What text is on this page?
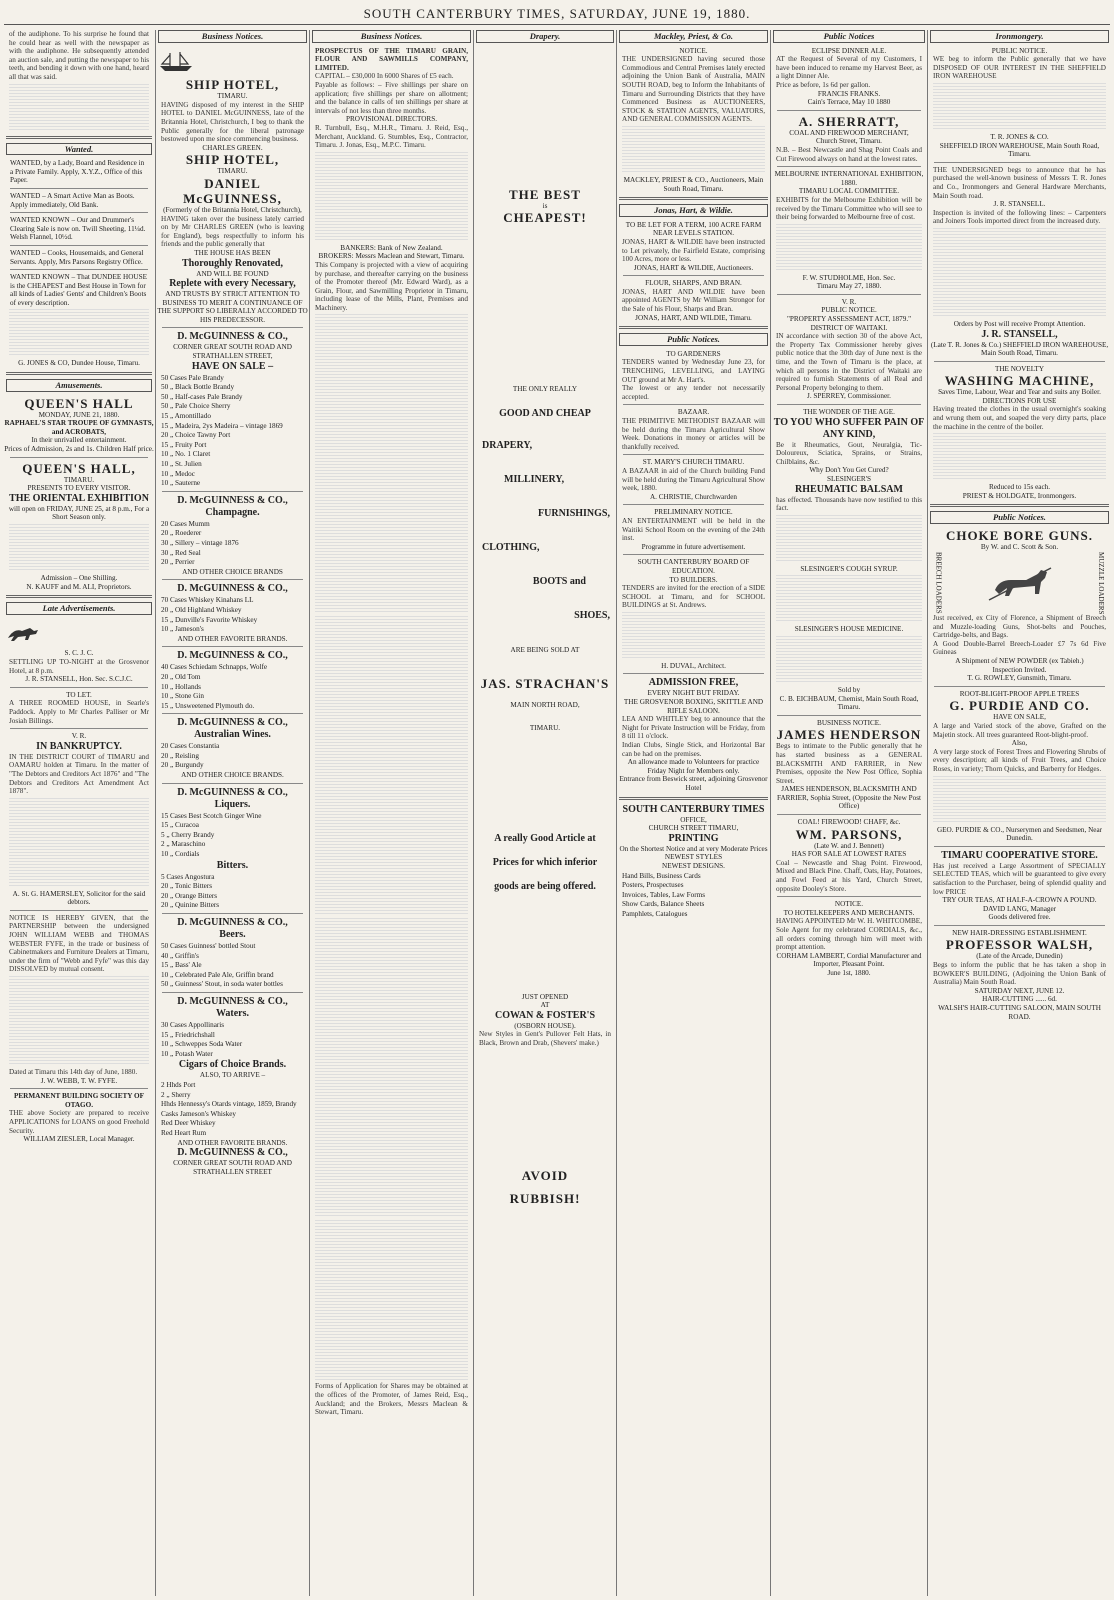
SOUTH CANTERBURY TIMES, SATURDAY, JUNE 19, 1880.

of the audiphone. To his surprise he found that he could hear as well with the newspaper as with the audiphone. He subsequently attended an auction sale, and putting the newspaper to his teeth, and bending it down with one hand, heard all that was said.

Wanted.

WANTED, by a Lady, Board and Residence in a Private Family. Apply, X.Y.Z., Office of this Paper.

WANTED – A Smart Active Man as Boots. Apply immediately, Old Bank.

WANTED KNOWN – Our and Drummer's Clearing Sale is now on. Twill Sheeting, 11¼d. Welsh Flannel, 10½d.

WANTED – Cooks, Housemaids, and General Servants. Apply, Mrs Parsons Registry Office.

WANTED KNOWN – That DUNDEE HOUSE is the CHEAPEST and Best House in Town for all kinds of Ladies' Gents' and Children's Boots of every description.

G. JONES & CO, Dundee House, Timaru.
Amusements.
QUEEN'S HALL
MONDAY, JUNE 21, 1880.
RAPHAEL'S STAR TROUPE OF GYMNASTS, and ACROBATS,
In their unrivalled entertainment.
Prices of Admission, 2s and 1s. Children Half price.
QUEEN'S HALL,
TIMARU.
PRESENTS TO EVERY VISITOR.
THE ORIENTAL EXHIBITION
will open on FRIDAY, JUNE 25, at 8 p.m., For a Short Season only.
Admission – One Shilling.
N. KAUFF and M. ALI, Proprietors.
Late Advertisements.
S. C. J. C.

SETTLING UP TO-NIGHT at the Grosvenor Hotel, at 8 p.m.

J. R. STANSELL, Hon. Sec. S.C.J.C.
TO LET.

A THREE ROOMED HOUSE, in Searle's Paddock. Apply to Mr Charles Palliser or Mr Josiah Billings.

V. R.
IN BANKRUPTCY.

IN THE DISTRICT COURT of TIMARU and OAMARU holden at Timaru. In the matter of "The Debtors and Creditors Act 1876" and "The Debtors and Creditors Act Amendment Act 1878".

A. St. G. HAMERSLEY, Solicitor for the said debtors.

NOTICE IS HEREBY GIVEN, that the PARTNERSHIP between the undersigned JOHN WILLIAM WEBB and THOMAS WEBSTER FYFE, in the trade or business of Cabinetmakers and Furniture Dealers at Timaru, under the firm of "Webb and Fyfe" was this day DISSOLVED by mutual consent.

Dated at Timaru this 14th day of June, 1880.

J. W. WEBB, T. W. FYFE.
PERMANENT BUILDING SOCIETY OF OTAGO.

THE above Society are prepared to receive APPLICATIONS for LOANS on good Freehold Security.

WILLIAM ZIESLER, Local Manager.
Business Notices.
SHIP HOTEL,
TIMARU.

HAVING disposed of my interest in the SHIP HOTEL to DANIEL McGUINNESS, late of the Britannia Hotel, Christchurch, I beg to thank the Public generally for the liberal patronage bestowed upon me since commencing business.

CHARLES GREEN.
SHIP HOTEL,
TIMARU.
DANIEL McGUINNESS,
(Formerly of the Britannia Hotel, Christchurch),

HAVING taken over the business lately carried on by Mr CHARLES GREEN (who is leaving for England), begs respectfully to inform his friends and the public generally that

THE HOUSE HAS BEEN
Thoroughly Renovated,
AND WILL BE FOUND
Replete with every Necessary,
AND TRUSTS BY STRICT ATTENTION TO BUSINESS TO MERIT A CONTINUANCE OF THE SUPPORT SO LIBERALLY ACCORDED TO HIS PREDECESSOR.
D. McGUINNESS & CO.,
CORNER GREAT SOUTH ROAD AND STRATHALLEN STREET,
HAVE ON SALE –
50 Cases Pale Brandy
50 „ Black Bottle Brandy
50 „ Half-cases Pale Brandy
50 „ Pale Choice Sherry
15 „ Amontillado
15 „ Madeira, 2ys Madeira – vintage 1869
20 „ Choice Tawny Port
15 „ Fruity Port
10 „ No. 1 Claret
10 „ St. Julien
10 „ Medoc
10 „ Sauterne
D. McGUINNESS & CO.,
Champagne.
20 Cases Mumm
20 „ Roederer
30 „ Sillery – vintage 1876
30 „ Red Seal
20 „ Perrier
AND OTHER CHOICE BRANDS
D. McGUINNESS & CO.,
70 Cases Whiskey Kinahans LL
20 „ Old Highland Whiskey
15 „ Dunville's Favorite Whiskey
10 „ Jameson's
AND OTHER FAVORITE BRANDS.
D. McGUINNESS & CO.,
40 Cases Schiedam Schnapps, Wolfe
20 „ Old Tom
10 „ Hollands
10 „ Stone Gin
15 „ Unsweetened Plymouth do.
D. McGUINNESS & CO.,
Australian Wines.
20 Cases Constantia
20 „ Reisling
20 „ Burgundy
AND OTHER CHOICE BRANDS.
D. McGUINNESS & CO.,
Liquers.
15 Cases Best Scotch Ginger Wine
15 „ Curacoa
5 „ Cherry Brandy
2 „ Maraschino
10 „ Cordials
Bitters.
5 Cases Angostura
20 „ Tonic Bitters
20 „ Orange Bitters
20 „ Quinine Bitters
D. McGUINNESS & CO.,
Beers.
50 Cases Guinness' bottled Stout
40 „ Griffin's
15 „ Bass' Ale
10 „ Celebrated Pale Ale, Griffin brand
50 „ Guinness' Stout, in soda water bottles
D. McGUINNESS & CO.,
Waters.
30 Cases Appollinaris
15 „ Friedrichshall
10 „ Schweppes Soda Water
10 „ Potash Water
Cigars of Choice Brands.
ALSO, TO ARRIVE –
2 Hhds Port
2 „ Sherry
Hhds Hennessy's Otards vintage, 1859, Brandy
Casks Jameson's Whiskey
Red Deer Whiskey
Red Heart Rum
AND OTHER FAVORITE BRANDS.
D. McGUINNESS & CO.,
CORNER GREAT SOUTH ROAD AND STRATHALLEN STREET
Business Notices.

PROSPECTUS OF THE TIMARU GRAIN, FLOUR AND SAWMILLS COMPANY, LIMITED.

CAPITAL – £30,000 In 6000 Shares of £5 each.

Payable as follows: – Five shillings per share on application; five shillings per share on allotment; and the balance in calls of ten shillings per share at intervals of not less than three months.

PROVISIONAL DIRECTORS.

R. Turnbull, Esq., M.H.R., Timaru. J. Reid, Esq., Merchant, Auckland. G. Stumbles, Esq., Contractor, Timaru. J. Jonas, Esq., M.P.C. Timaru.

BANKERS: Bank of New Zealand.
BROKERS: Messrs Maclean and Stewart, Timaru.

This Company is projected with a view of acquiring by purchase, and thereafter carrying on the business of the Promoter thereof (Mr. Edward Ward), as a Grain, Flour, and Sawmilling Proprietor in Timaru, including lease of the Mills, Plant, Premises and Machinery.

Forms of Application for Shares may be obtained at the offices of the Promoter, of James Reid, Esq., Auckland; and the Brokers, Messrs Maclean & Stewart, Timaru.

Drapery.
THE BEST
is
CHEAPEST!
THE ONLY REALLY
GOOD AND CHEAP
DRAPERY,
MILLINERY,
FURNISHINGS,
CLOTHING,
BOOTS and
SHOES,
ARE BEING SOLD AT
JAS. STRACHAN'S
MAIN NORTH ROAD,
TIMARU.
A really Good Article at
Prices for which inferior
goods are being offered.
JUST OPENED
AT
COWAN & FOSTER'S
(OSBORN HOUSE).

New Styles in Gent's Pullover Felt Hats, in Black, Brown and Drab, (Shevers' make.)

AVOID
RUBBISH!
Mackley, Priest, & Co.
NOTICE.

THE UNDERSIGNED having secured those Commodious and Central Premises lately erected adjoining the Union Bank of Australia, MAIN SOUTH ROAD, beg to Inform the Inhabitants of Timaru and Surrounding Districts that they have Commenced Business as AUCTIONEERS, STOCK & STATION AGENTS, VALUATORS, AND GENERAL COMMISSION AGENTS.

MACKLEY, PRIEST & CO., Auctioneers, Main South Road, Timaru.
Jonas, Hart, & Wildie.
TO BE LET FOR A TERM, 100 ACRE FARM NEAR LEVELS STATION.

JONAS, HART & WILDIE have been instructed to Let privately, the Fairfield Estate, comprising 100 Acres, more or less.

JONAS, HART & WILDIE, Auctioneers.
FLOUR, SHARPS, AND BRAN.

JONAS, HART AND WILDIE have been appointed AGENTS by Mr William Strongor for the Sale of his Flour, Sharps and Bran.

JONAS, HART, AND WILDIE, Timaru.
Public Notices.
TO GARDENERS

TENDERS wanted by Wednesday June 23, for TRENCHING, LEVELLING, and LAYING OUT ground at Mr A. Hart's.

The lowest or any tender not necessarily accepted.

BAZAAR.

THE PRIMITIVE METHODIST BAZAAR will be held during the Timaru Agricultural Show Week. Donations in money or articles will be thankfully received.

ST. MARY'S CHURCH TIMARU.

A BAZAAR in aid of the Church building Fund will be held during the Timaru Agricultural Show week, 1880.

A. CHRISTIE, Churchwarden
PRELIMINARY NOTICE.

AN ENTERTAINMENT will be held in the Waitiki School Room on the evening of the 24th inst.

Programme in future advertisement.
SOUTH CANTERBURY BOARD OF EDUCATION.
TO BUILDERS.

TENDERS are invited for the erection of a SIDE SCHOOL at Timaru, and for SCHOOL BUILDINGS at St. Andrews.

H. DUVAL, Architect.
ADMISSION FREE,
EVERY NIGHT BUT FRIDAY.
THE GROSVENOR BOXING, SKITTLE AND RIFLE SALOON.

LEA AND WHITLEY beg to announce that the Night for Private Instruction will be Friday, from 8 till 11 o'clock.

Indian Clubs, Single Stick, and Horizontal Bar can be had on the premises.

An allowance made to Volunteers for practice
Friday Night for Members only.
Entrance from Beswick street, adjoining Grosvenor Hotel
SOUTH CANTERBURY TIMES
OFFICE,
CHURCH STREET TIMARU,
PRINTING
On the Shortest Notice and at very Moderate Prices
NEWEST STYLES
NEWEST DESIGNS.
Hand Bills, Business Cards
Posters, Prospectuses
Invoices, Tables, Law Forms
Show Cards, Balance Sheets
Pamphlets, Catalogues
Public Notices
ECLIPSE DINNER ALE.

AT the Request of Several of my Customers, I have been induced to rename my Harvest Beer, as a light Dinner Ale.

Price as before, 1s 6d per gallon.

FRANCIS FRANKS.
Cain's Terrace, May 10 1880
A. SHERRATT,
COAL AND FIREWOOD MERCHANT,
Church Street, Timaru.

N.B. – Best Newcastle and Shag Point Coals and Cut Firewood always on hand at the lowest rates.

MELBOURNE INTERNATIONAL EXHIBITION, 1880.
TIMARU LOCAL COMMITTEE.

EXHIBITS for the Melbourne Exhibition will be received by the Timaru Committee who will see to their being forwarded to Melbourne free of cost.

F. W. STUDHOLME, Hon. Sec.
Timaru May 27, 1880.
V. R.
PUBLIC NOTICE.
"PROPERTY ASSESSMENT ACT, 1879."
DISTRICT OF WAITAKI.

IN accordance with section 30 of the above Act, the Property Tax Commissioner hereby gives public notice that the 30th day of June next is the time, and the Town of Timaru is the place, at which all persons in the District of Waitaki are required to furnish Statements of all Real and Personal Property belonging to them.

J. SPERREY, Commissioner.
THE WONDER OF THE AGE.
TO YOU WHO SUFFER PAIN OF ANY KIND,

Be it Rheumatics, Gout, Neuralgia, Tic-Doloureux, Sciatica, Sprains, or Strains, Chilblains, &c.

Why Don't You Get Cured?
SLESINGER'S
RHEUMATIC BALSAM

has effected. Thousands have now testified to this fact.

SLESINGER'S COUGH SYRUP.
SLESINGER'S HOUSE MEDICINE.
Sold by
C. B. EICHBAUM, Chemist, Main South Road, Timaru.
BUSINESS NOTICE.
JAMES HENDERSON

Begs to intimate to the Public generally that he has started business as a GENERAL BLACKSMITH AND FARRIER, in New Premises, opposite the New Post Office, Sophia Street.

JAMES HENDERSON, BLACKSMITH AND FARRIER, Sophia Street, (Opposite the New Post Office)
COAL! FIREWOOD! CHAFF, &c.
WM. PARSONS,
(Late W. and J. Bennett)
HAS FOR SALE AT LOWEST RATES

Coal – Newcastle and Shag Point. Firewood, Mixed and Black Pine. Chaff, Oats, Hay, Potatoes, and Fowl Feed at his Yard, Church Street, opposite Dooley's Store.

NOTICE.
TO HOTELKEEPERS AND MERCHANTS.

HAVING APPOINTED Mr W. H. WHITCOMBE, Sole Agent for my celebrated CORDIALS, &c., all orders coming through him will meet with prompt attention.

CORHAM LAMBERT, Cordial Manufacturer and Importer, Pleasant Point.
June 1st, 1880.
Ironmongery.
PUBLIC NOTICE.

WE beg to inform the Public generally that we have DISPOSED OF OUR INTEREST IN THE SHEFFIELD IRON WAREHOUSE

T. R. JONES & CO.
SHEFFIELD IRON WAREHOUSE, Main South Road, Timaru.

THE UNDERSIGNED begs to announce that he has purchased the well-known business of Messrs T. R. Jones and Co., Ironmongers and General Hardware Merchants, Main South road.

J. R. STANSELL.

Inspection is invited of the following lines: – Carpenters and Joiners Tools imported direct from the increased duty.

Orders by Post will receive Prompt Attention.
J. R. STANSELL,
(Late T. R. Jones & Co.) SHEFFIELD IRON WAREHOUSE, Main South Road, Timaru.
THE NOVELTY
WASHING MACHINE,
Saves Time, Labour, Wear and Tear and suits any Boiler.
DIRECTIONS FOR USE

Having treated the clothes in the usual overnight's soaking and wrung them out, and soaped the very dirty parts, place the machine in the centre of the boiler.

Reduced to 15s each.
PRIEST & HOLDGATE, Ironmongers.
Public Notices.
CHOKE BORE GUNS.
By W. and C. Scott & Son.
BREECH LOADERS	MUZZLE LOADERS

Just received, ex City of Florence, a Shipment of Breech and Muzzle-loading Guns, Shot-belts and Pouches, Cartridge-belts, and Bags.

A Good Double-Barrel Breech-Loader £7 7s 6d Five Guineas

A Shipment of NEW POWDER (ex Tabieh.)
Inspection Invited.
T. G. ROWLEY, Gunsmith, Timaru.
ROOT-BLIGHT-PROOF APPLE TREES
G. PURDIE AND CO.
HAVE ON SALE,

A large and Varied stock of the above, Grafted on the Majetin stock. All trees guaranteed Root-blight-proof.

Also,

A very large stock of Forest Trees and Flowering Shrubs of every description; all kinds of Fruit Trees, and Choice Roses, in variety; Thorn Quicks, and Barberry for Hedges.

GEO. PURDIE & CO., Nurserymen and Seedsmen, Near Dunedin.
TIMARU COOPERATIVE STORE.

Has just received a Large Assortment of SPECIALLY SELECTED TEAS, which will be guaranteed to give every satisfaction to the Purchaser, being of splendid quality and low PRICE

TRY OUR TEAS, AT HALF-A-CROWN A POUND.
DAVID LANG, Manager
Goods delivered free.
NEW HAIR-DRESSING ESTABLISHMENT.
PROFESSOR WALSH,
(Late of the Arcade, Dunedin)

Begs to inform the public that he has taken a shop in BOWKER'S BUILDING, (Adjoining the Union Bank of Australia) Main South Road.

SATURDAY NEXT, JUNE 12.
HAIR-CUTTING ...... 6d.
WALSH'S HAIR-CUTTING SALOON, MAIN SOUTH ROAD.
